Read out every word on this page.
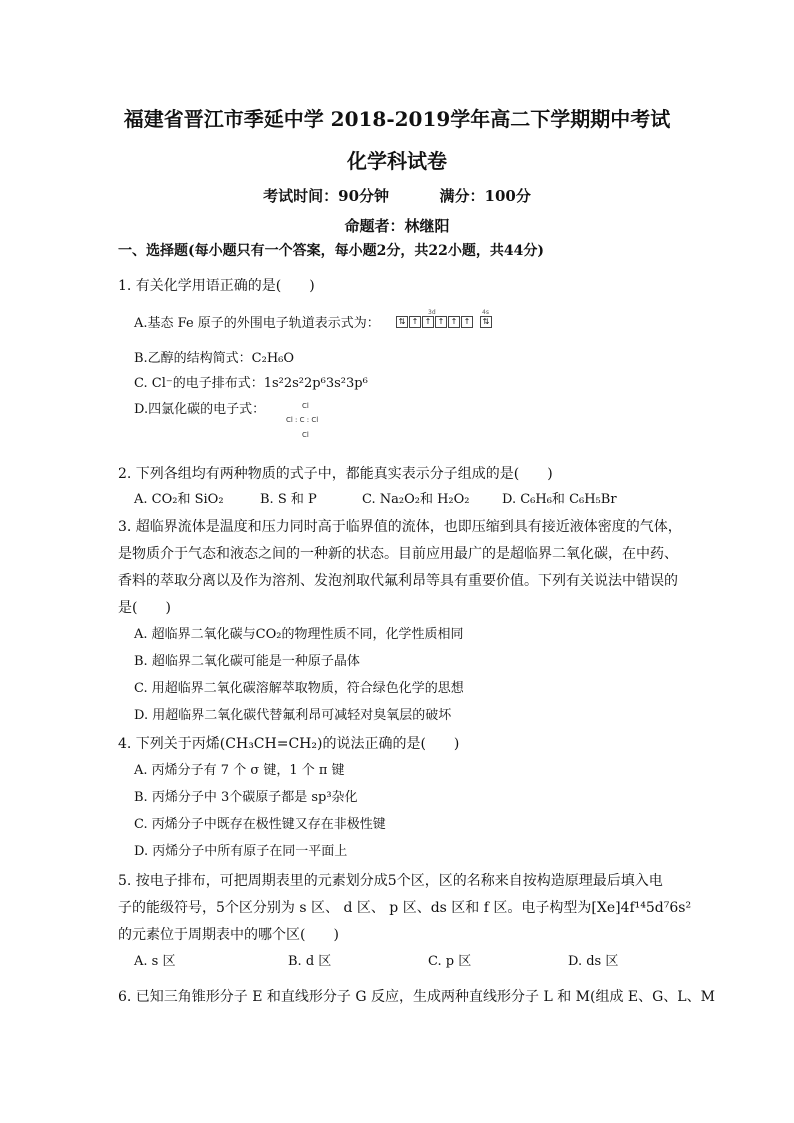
福建省晋江市季延中学 2018-2019学年高二下学期期中考试
化学科试卷
考试时间：90分钟	满分：100分
命题者：林继阳
一、选择题(每小题只有一个答案，每小题2分，共22小题，共44分)
1. 有关化学用语正确的是(　　)
A.基态 Fe 原子的外围电子轨道表示式为：
3d
⇅ ↑ ↑ ↑ ↑ ↑
4s
⇅
B.乙醇的结构简式：C₂H₆O
C. Cl⁻的电子排布式：1s²2s²2p⁶3s²3p⁶
D.四氯化碳的电子式：	Cl
Cl : C : Cl
Cl
2. 下列各组均有两种物质的式子中，都能真实表示分子组成的是(　　)
A. CO₂和 SiO₂	B. S 和 P	C. Na₂O₂和 H₂O₂ D. C₆H₆和 C₆H₅Br
3. 超临界流体是温度和压力同时高于临界值的流体，也即压缩到具有接近液体密度的气体，
是物质介于气态和液态之间的一种新的状态。目前应用最广的是超临界二氧化碳，在中药、
香料的萃取分离以及作为溶剂、发泡剂取代氟利昂等具有重要价值。下列有关说法中错误的
是(　　)
A. 超临界二氧化碳与CO₂的物理性质不同，化学性质相同
B. 超临界二氧化碳可能是一种原子晶体
C. 用超临界二氧化碳溶解萃取物质，符合绿色化学的思想
D. 用超临界二氧化碳代替氟利昂可减轻对臭氧层的破坏
4. 下列关于丙烯(CH₃CH=CH₂)的说法正确的是(　　)
A. 丙烯分子有 7 个 σ 键，1 个 π 键
B. 丙烯分子中 3个碳原子都是 sp³杂化
C. 丙烯分子中既存在极性键又存在非极性键
D. 丙烯分子中所有原子在同一平面上
5. 按电子排布，可把周期表里的元素划分成5个区，区的名称来自按构造原理最后填入电
子的能级符号，5个区分别为 s 区、 d 区、 p 区、ds 区和 f 区。电子构型为[Xe]4f¹⁴5d⁷6s²
的元素位于周期表中的哪个区(　　)
A. s 区	B. d 区	C. p 区	D. ds 区
6. 已知三角锥形分子 E 和直线形分子 G 反应，生成两种直线形分子 L 和 M(组成 E、G、L、M
